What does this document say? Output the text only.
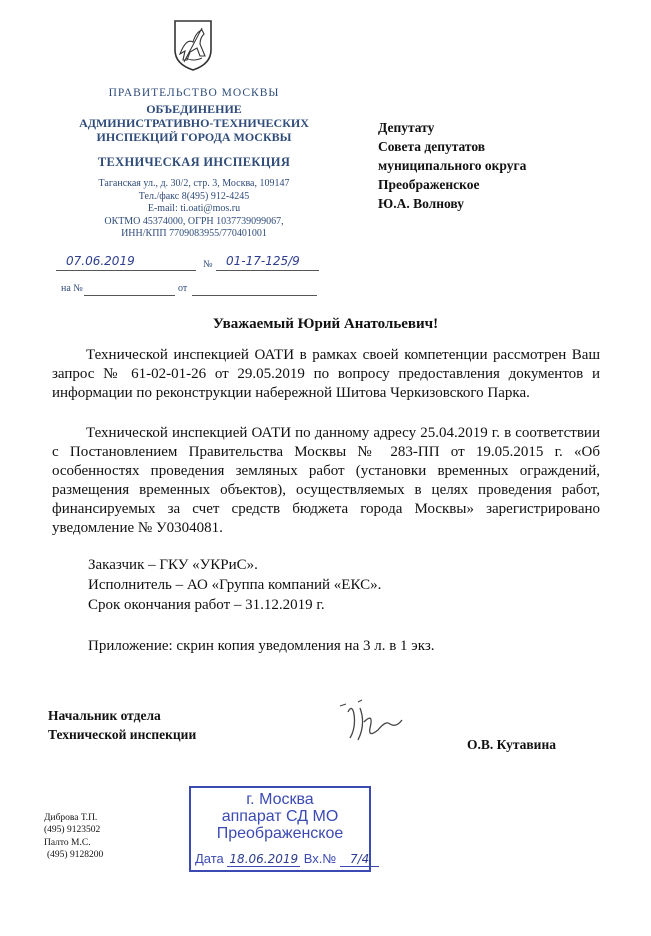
ПРАВИТЕЛЬСТВО МОСКВЫ
ОБЪЕДИНЕНИЕ
АДМИНИСТРАТИВНО-ТЕХНИЧЕСКИХ
ИНСПЕКЦИЙ ГОРОДА МОСКВЫ
ТЕХНИЧЕСКАЯ ИНСПЕКЦИЯ
Таганская ул., д. 30/2, стр. 3, Москва, 109147
Тел./факс 8(495) 912-4245
E-mail: ti.oati@mos.ru
ОКТМО 45374000, ОГРН 1037739099067,
ИНН/КПП 7709083955/770401001
07.06.2019	№ 01-17-125/9
на №	от
Депутату
Совета депутатов
муниципального округа
Преображенское
Ю.А. Волнову
Уважаемый Юрий Анатольевич!

Технической инспекцией ОАТИ в рамках своей компетенции рассмотрен Ваш запрос № 61-02-01-26 от 29.05.2019 по вопросу предоставления документов и информации по реконструкции набережной Шитова Черкизовского Парка.

Технической инспекцией ОАТИ по данному адресу 25.04.2019 г. в соответствии с Постановлением Правительства Москвы № 283-ПП от 19.05.2015 г. «Об особенностях проведения земляных работ (установки временных ограждений, размещения временных объектов), осуществляемых в целях проведения работ, финансируемых за счет средств бюджета города Москвы» зарегистрировано уведомление № У0304081.

Заказчик – ГКУ «УКРиС».
Исполнитель – АО «Группа компаний «ЕКС».
Срок окончания работ – 31.12.2019 г.
Приложение: скрин копия уведомления на 3 л. в 1 экз.
Начальник отдела
Технической инспекции
О.В. Кутавина
Диброва Т.П.
(495) 9123502
Палто М.С.
(495) 9128200
г. Москва
аппарат СД МО
Преображенское
Дата 18.06.2019 Вх.№ 7/4
